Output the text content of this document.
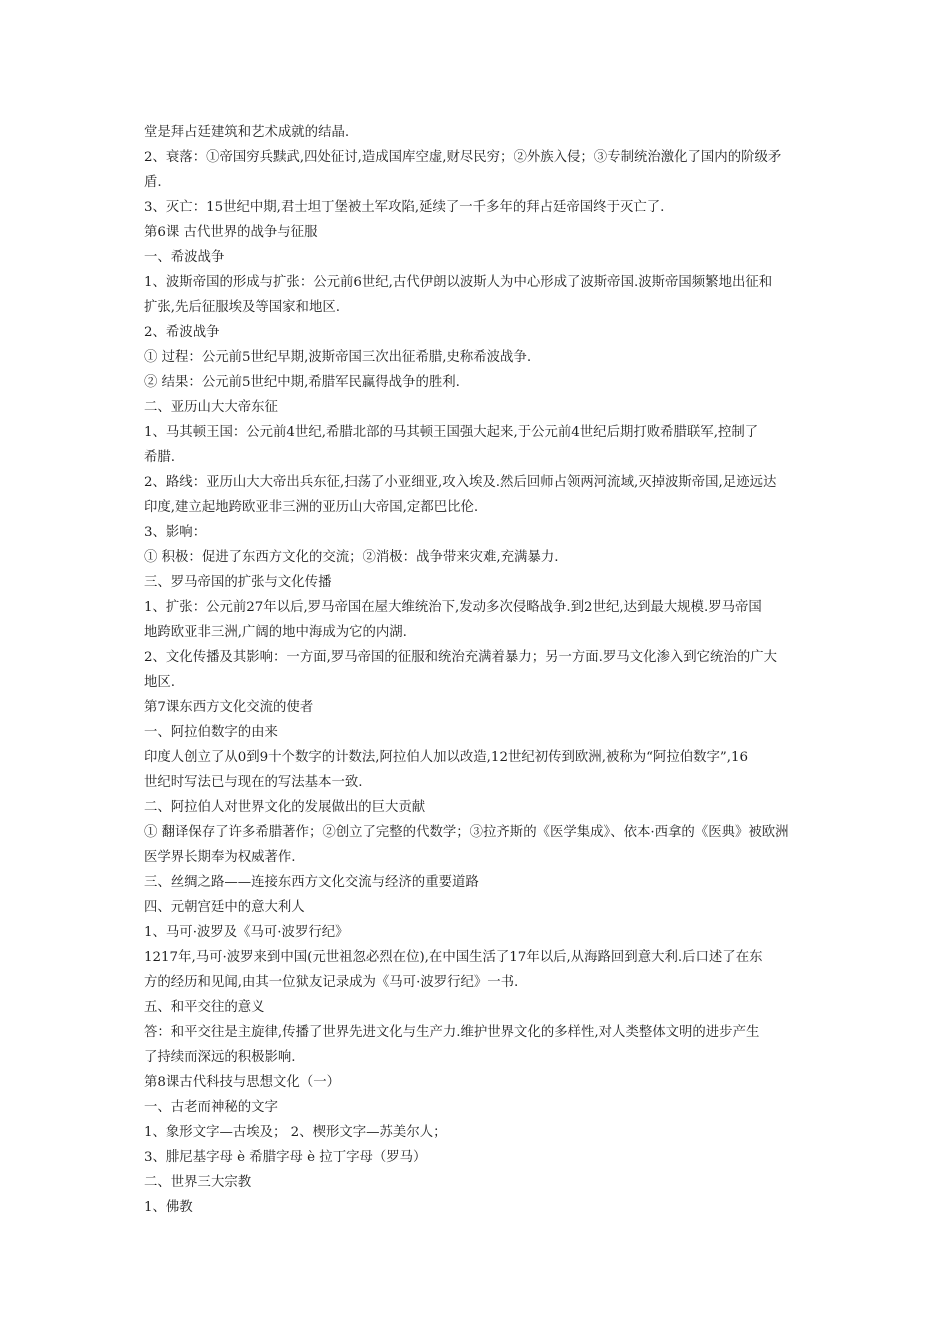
堂是拜占廷建筑和艺术成就的结晶.
2、衰落：①帝国穷兵黩武,四处征讨,造成国库空虚,财尽民穷；②外族入侵；③专制统治激化了国内的阶级矛
盾.
3、灭亡：15世纪中期,君士坦丁堡被土军攻陷,延续了一千多年的拜占廷帝国终于灭亡了.
第6课 古代世界的战争与征服
一、希波战争
1、波斯帝国的形成与扩张：公元前6世纪,古代伊朗以波斯人为中心形成了波斯帝国.波斯帝国频繁地出征和
扩张,先后征服埃及等国家和地区.
2、希波战争
① 过程：公元前5世纪早期,波斯帝国三次出征希腊,史称希波战争.
② 结果：公元前5世纪中期,希腊军民赢得战争的胜利.
二、亚历山大大帝东征
1、马其顿王国：公元前4世纪,希腊北部的马其顿王国强大起来,于公元前4世纪后期打败希腊联军,控制了
希腊.
2、路线：亚历山大大帝出兵东征,扫荡了小亚细亚,攻入埃及.然后回师占领两河流域,灭掉波斯帝国,足迹远达
印度,建立起地跨欧亚非三洲的亚历山大帝国,定都巴比伦.
3、影响：
① 积极：促进了东西方文化的交流；②消极：战争带来灾难,充满暴力.
三、罗马帝国的扩张与文化传播
1、扩张：公元前27年以后,罗马帝国在屋大维统治下,发动多次侵略战争.到2世纪,达到最大规模.罗马帝国
地跨欧亚非三洲,广阔的地中海成为它的内湖.
2、文化传播及其影响：一方面,罗马帝国的征服和统治充满着暴力；另一方面.罗马文化渗入到它统治的广大
地区.
第7课东西方文化交流的使者
一、阿拉伯数字的由来
印度人创立了从0到9十个数字的计数法,阿拉伯人加以改造,12世纪初传到欧洲,被称为“阿拉伯数字”,16
世纪时写法已与现在的写法基本一致.
二、阿拉伯人对世界文化的发展做出的巨大贡献
① 翻译保存了许多希腊著作；②创立了完整的代数学；③拉齐斯的《医学集成》、依本·西拿的《医典》被欧洲
医学界长期奉为权威著作.
三、丝绸之路——连接东西方文化交流与经济的重要道路
四、元朝宫廷中的意大利人
1、马可·波罗及《马可·波罗行纪》
1217年,马可·波罗来到中国(元世祖忽必烈在位),在中国生活了17年以后,从海路回到意大利.后口述了在东
方的经历和见闻,由其一位狱友记录成为《马可·波罗行纪》一书.
五、和平交往的意义
答：和平交往是主旋律,传播了世界先进文化与生产力.维护世界文化的多样性,对人类整体文明的进步产生
了持续而深远的积极影响.
第8课古代科技与思想文化（一）
一、古老而神秘的文字
1、象形文字—古埃及； 2、楔形文字—苏美尔人；
3、腓尼基字母 è 希腊字母 è 拉丁字母（罗马）
二、世界三大宗教
1、佛教
